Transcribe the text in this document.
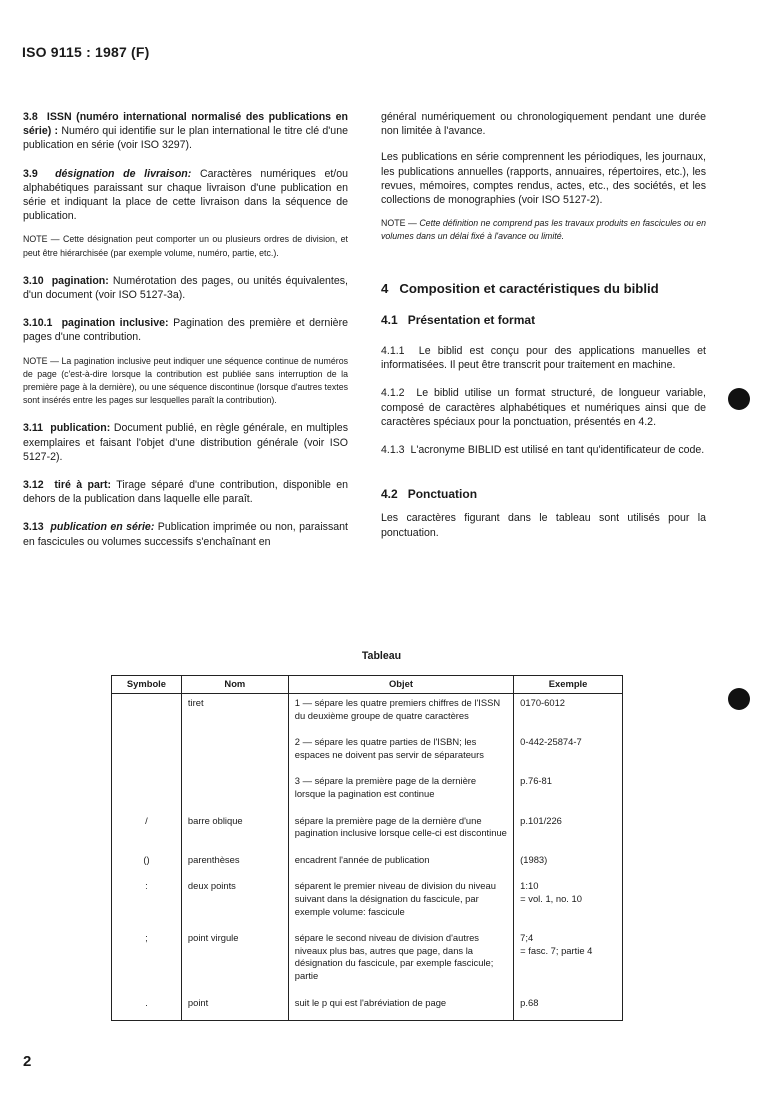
ISO 9115 : 1987 (F)

3.8 ISSN (numéro international normalisé des publications en série) : Numéro qui identifie sur le plan international le titre clé d'une publication en série (voir ISO 3297).

3.9 désignation de livraison: Caractères numériques et/ou alphabétiques paraissant sur chaque livraison d'une publication en série et indiquant la place de cette livraison dans la séquence de publication.

NOTE — Cette désignation peut comporter un ou plusieurs ordres de division, et peut être hiérarchisée (par exemple volume, numéro, partie, etc.).

3.10 pagination: Numérotation des pages, ou unités équivalentes, d'un document (voir ISO 5127-3a).

3.10.1 pagination inclusive: Pagination des première et dernière pages d'une contribution.

NOTE — La pagination inclusive peut indiquer une séquence continue de numéros de page (c'est-à-dire lorsque la contribution est publiée sans interruption de la première page à la dernière), ou une séquence discontinue (lorsque d'autres textes sont insérés entre les pages sur lesquelles paraît la contribution).

3.11 publication: Document publié, en règle générale, en multiples exemplaires et faisant l'objet d'une distribution générale (voir ISO 5127-2).

3.12 tiré à part: Tirage séparé d'une contribution, disponible en dehors de la publication dans laquelle elle paraît.

3.13 publication en série: Publication imprimée ou non, paraissant en fascicules ou volumes successifs s'enchaînant en

général numériquement ou chronologiquement pendant une durée non limitée à l'avance.

Les publications en série comprennent les périodiques, les journaux, les publications annuelles (rapports, annuaires, répertoires, etc.), les revues, mémoires, comptes rendus, actes, etc., des sociétés, et les collections de monographies (voir ISO 5127-2).

NOTE — Cette définition ne comprend pas les travaux produits en fascicules ou en volumes dans un délai fixé à l'avance ou limité.

4 Composition et caractéristiques du biblid

4.1 Présentation et format

4.1.1 Le biblid est conçu pour des applications manuelles et informatisées. Il peut être transcrit pour traitement en machine.

4.1.2 Le biblid utilise un format structuré, de longueur variable, composé de caractères alphabétiques et numériques ainsi que de caractères spéciaux pour la ponctuation, présentés en 4.2.

4.1.3 L'acronyme BIBLID est utilisé en tant qu'identificateur de code.

4.2 Ponctuation

Les caractères figurant dans le tableau sont utilisés pour la ponctuation.

Tableau
Symbole	Nom	Objet	Exemple
	tiret	1 — sépare les quatre premiers chiffres de l'ISSN du deuxième groupe de quatre caractères	0170-6012
		2 — sépare les quatre parties de l'ISBN; les espaces ne doivent pas servir de séparateurs	0-442-25874-7
		3 — sépare la première page de la dernière lorsque la pagination est continue	p.76-81
/	barre oblique	sépare la première page de la dernière d'une pagination inclusive lorsque celle-ci est discontinue	p.101/226
()	parenthèses	encadrent l'année de publication	(1983)
:	deux points	séparent le premier niveau de division du niveau suivant dans la désignation du fascicule, par exemple volume: fascicule	1:10
= vol. 1, no. 10
;	point virgule	sépare le second niveau de division d'autres niveaux plus bas, autres que page, dans la désignation du fascicule, par exemple fascicule; partie	7;4
= fasc. 7; partie 4
.	point	suit le p qui est l'abréviation de page	p.68
2
